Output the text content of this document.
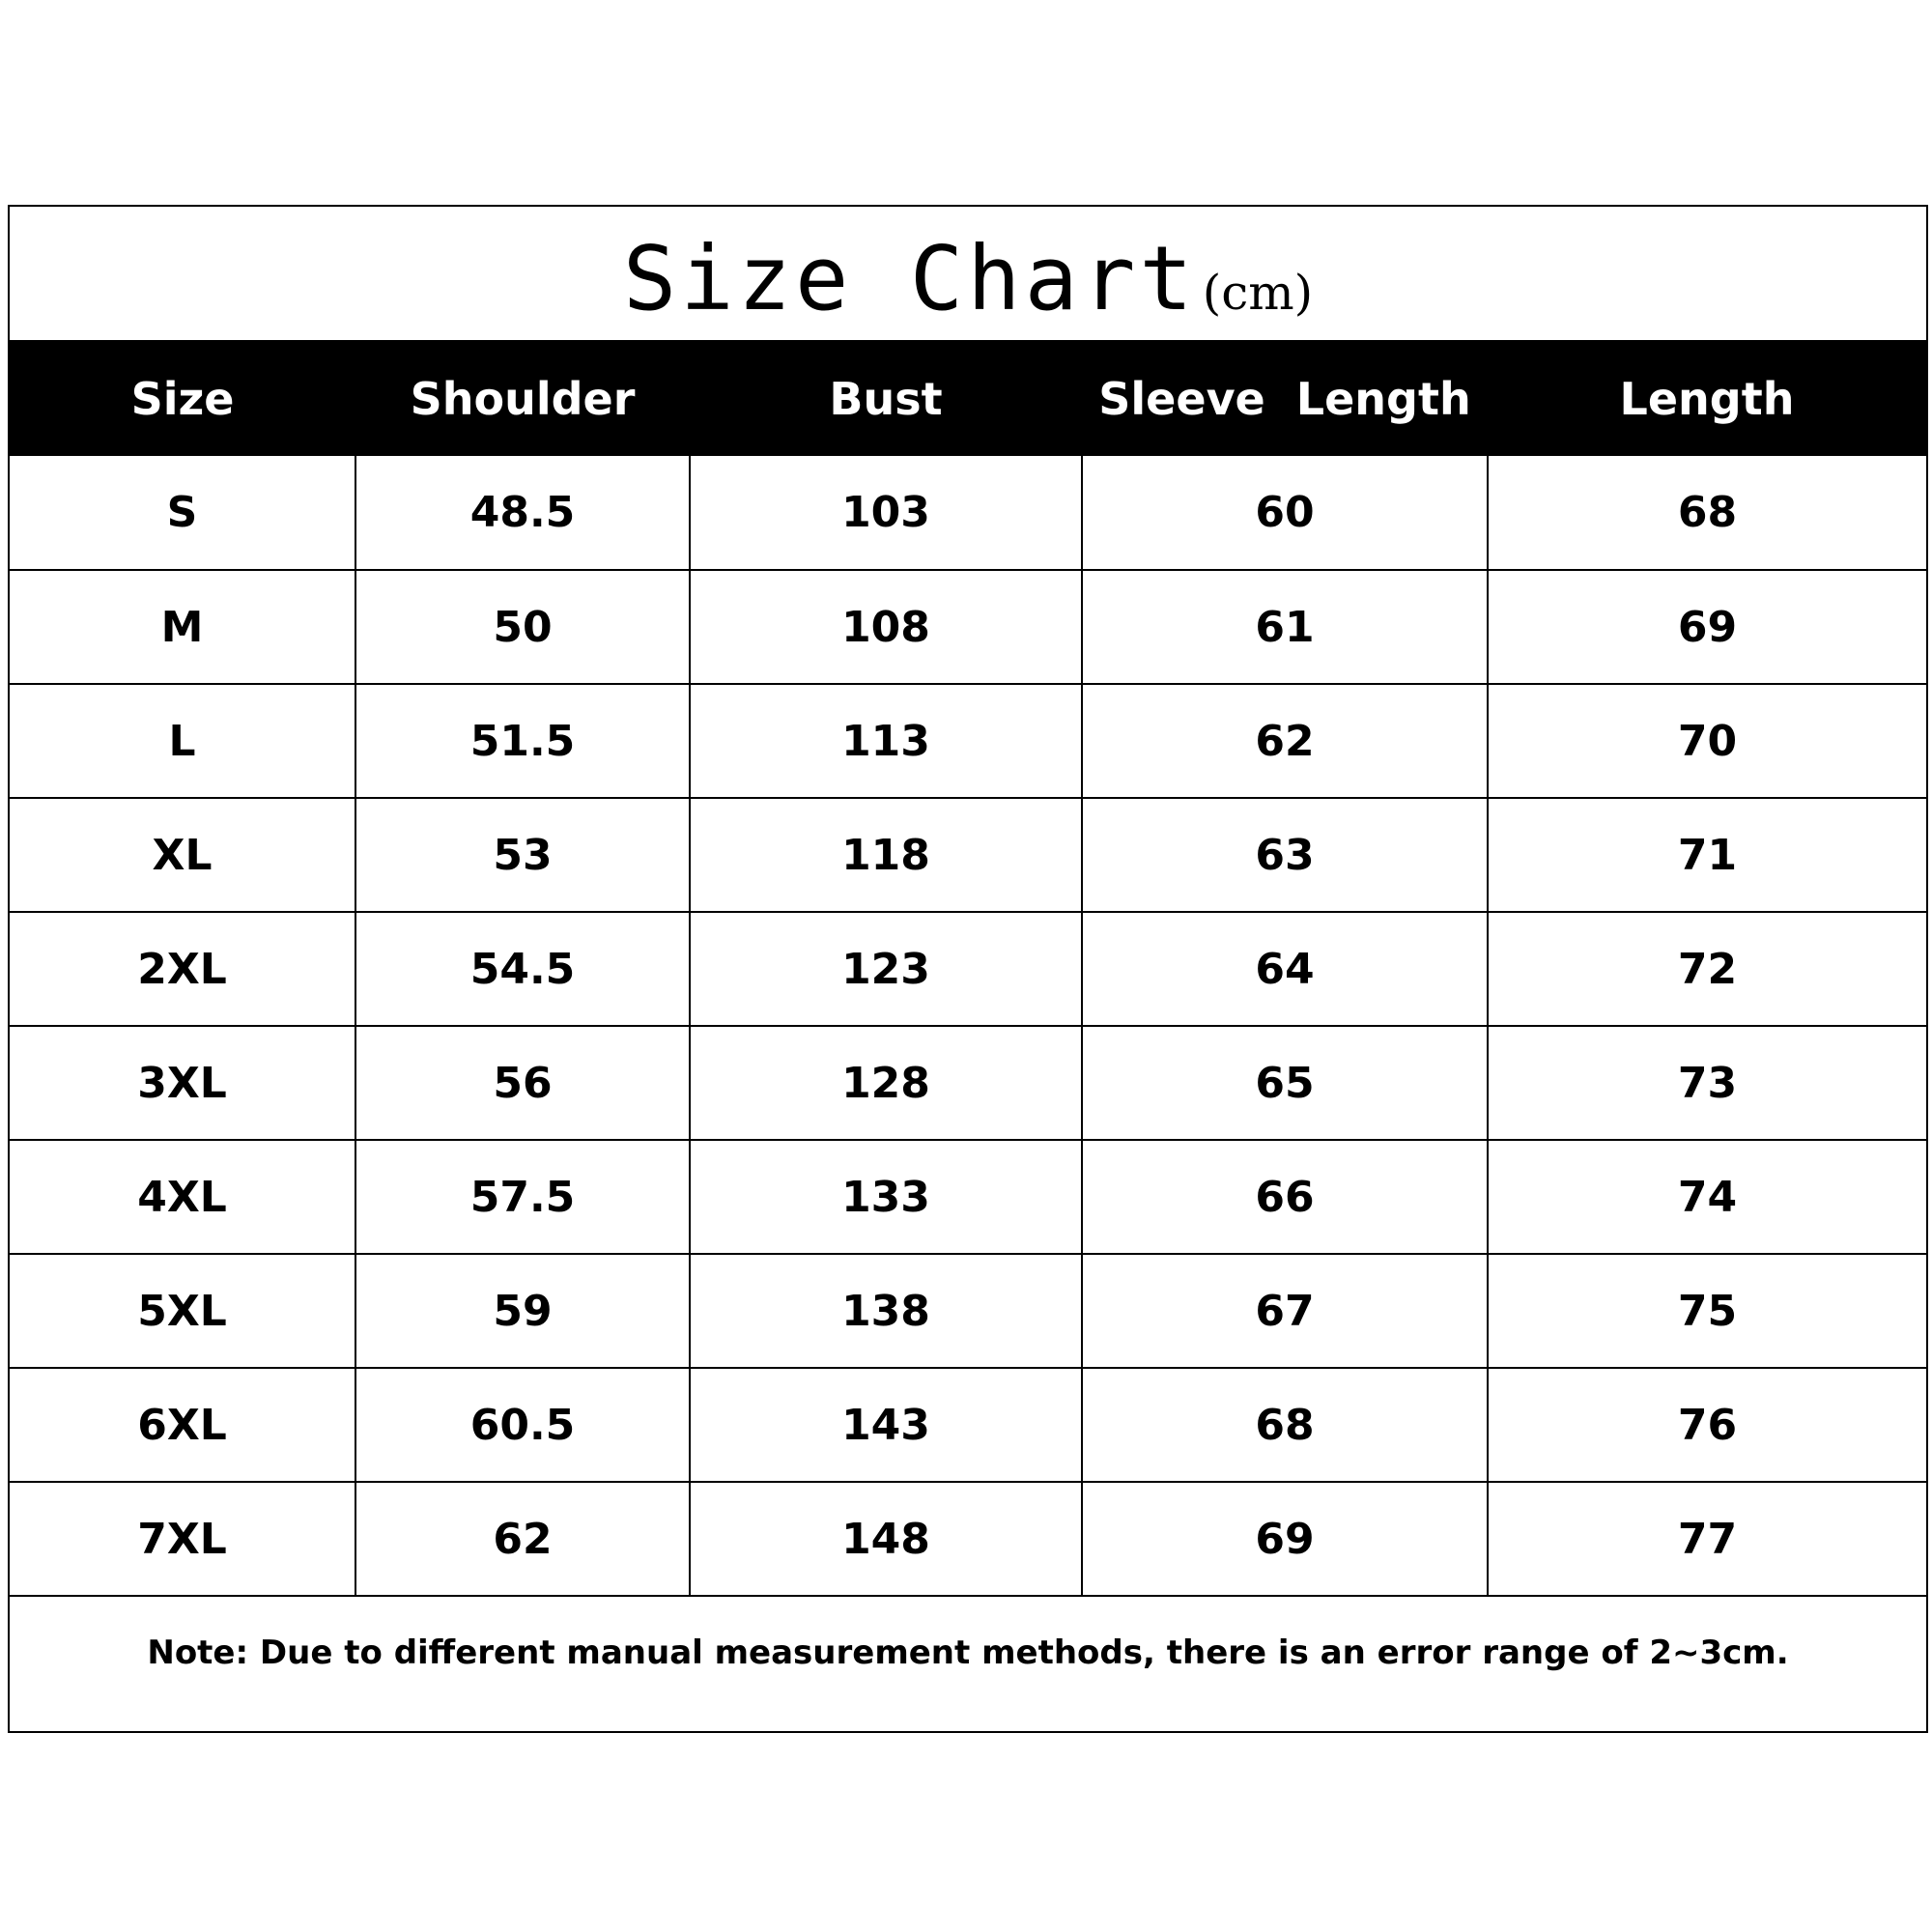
Size Chart (cm)
Size	Shoulder	Bust	Sleeve  Length	Length
S	48.5	103	60	68
M	50	108	61	69
L	51.5	113	62	70
XL	53	118	63	71
2XL	54.5	123	64	72
3XL	56	128	65	73
4XL	57.5	133	66	74
5XL	59	138	67	75
6XL	60.5	143	68	76
7XL	62	148	69	77
Note: Due to different manual measurement methods, there is an error range of 2~3cm.
